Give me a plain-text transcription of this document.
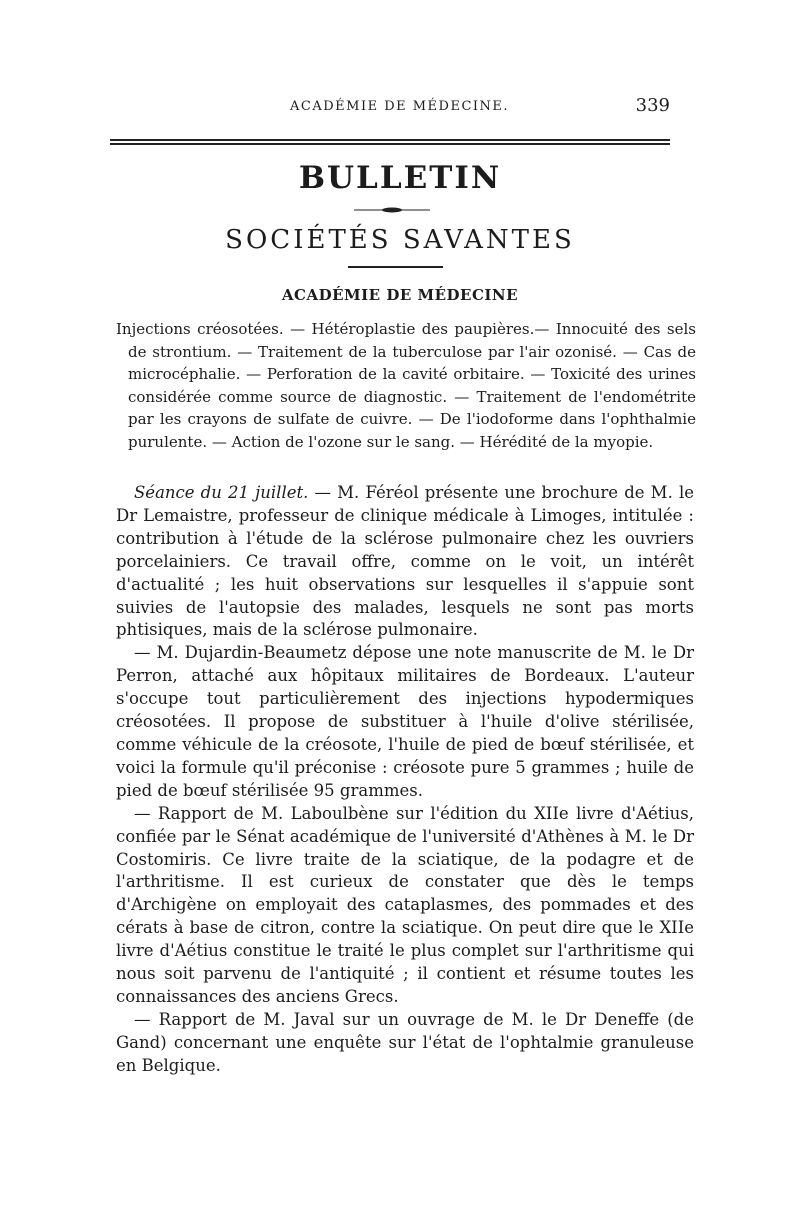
ACADÉMIE DE MÉDECINE.	339
BULLETIN
SOCIÉTÉS SAVANTES
ACADÉMIE DE MÉDECINE
Injections créosotées. — Hétéroplastie des paupières.— Innocuité des sels de strontium. — Traitement de la tuberculose par l'air ozonisé. — Cas de microcéphalie. — Perforation de la cavité orbitaire. — Toxicité des urines considérée comme source de diagnostic. — Traitement de l'endométrite par les crayons de sulfate de cuivre. — De l'iodoforme dans l'ophthalmie purulente. — Action de l'ozone sur le sang. — Hérédité de la myopie.

Séance du 21 juillet. — M. Féréol présente une brochure de M. le Dr Lemaistre, professeur de clinique médicale à Limoges, intitulée : contribution à l'étude de la sclérose pulmonaire chez les ouvriers porcelainiers. Ce travail offre, comme on le voit, un intérêt d'actualité ; les huit observations sur lesquelles il s'appuie sont suivies de l'autopsie des malades, lesquels ne sont pas morts phtisiques, mais de la sclérose pulmonaire.

— M. Dujardin-Beaumetz dépose une note manuscrite de M. le Dr Perron, attaché aux hôpitaux militaires de Bordeaux. L'auteur s'occupe tout particulièrement des injections hypodermiques créosotées. Il propose de substituer à l'huile d'olive stérilisée, comme véhicule de la créosote, l'huile de pied de bœuf stérilisée, et voici la formule qu'il préconise : créosote pure 5 grammes ; huile de pied de bœuf stérilisée 95 grammes.

— Rapport de M. Laboulbène sur l'édition du XIIe livre d'Aétius, confiée par le Sénat académique de l'université d'Athènes à M. le Dr Costomiris. Ce livre traite de la sciatique, de la podagre et de l'arthritisme. Il est curieux de constater que dès le temps d'Archigène on employait des cataplasmes, des pommades et des cérats à base de citron, contre la sciatique. On peut dire que le XIIe livre d'Aétius constitue le traité le plus complet sur l'arthritisme qui nous soit parvenu de l'antiquité ; il contient et résume toutes les connaissances des anciens Grecs.

— Rapport de M. Javal sur un ouvrage de M. le Dr Deneffe (de Gand) concernant une enquête sur l'état de l'ophtalmie granuleuse en Belgique.
